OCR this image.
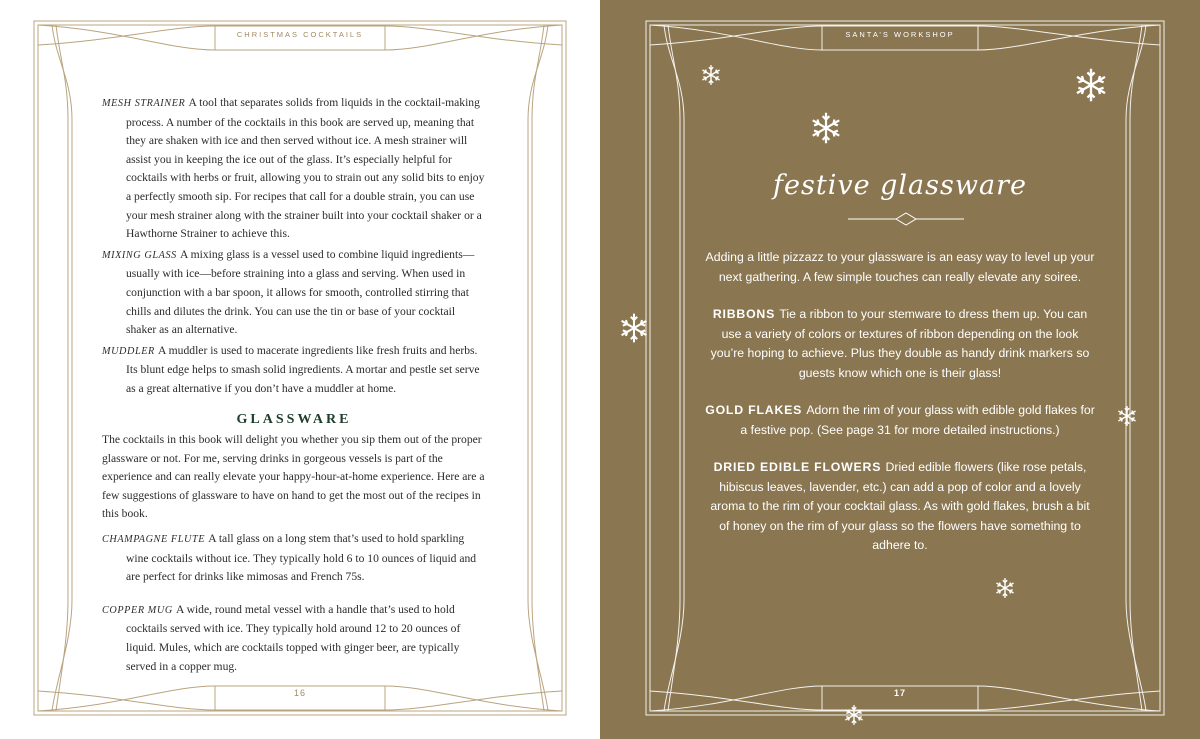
CHRISTMAS COCKTAILS
MESH STRAINER A tool that separates solids from liquids in the cocktail-making process. A number of the cocktails in this book are served up, meaning that they are shaken with ice and then served without ice. A mesh strainer will assist you in keeping the ice out of the glass. It’s especially helpful for cocktails with herbs or fruit, allowing you to strain out any solid bits to enjoy a perfectly smooth sip. For recipes that call for a double strain, you can use your mesh strainer along with the strainer built into your cocktail shaker or a Hawthorne Strainer to achieve this.
MIXING GLASS A mixing glass is a vessel used to combine liquid ingredients—usually with ice—before straining into a glass and serving. When used in conjunction with a bar spoon, it allows for smooth, controlled stirring that chills and dilutes the drink. You can use the tin or base of your cocktail shaker as an alternative.
MUDDLER A muddler is used to macerate ingredients like fresh fruits and herbs. Its blunt edge helps to smash solid ingredients. A mortar and pestle set serve as a great alternative if you don’t have a muddler at home.
GLASSWARE
The cocktails in this book will delight you whether you sip them out of the proper glassware or not. For me, serving drinks in gorgeous vessels is part of the experience and can really elevate your happy-hour-at-home experience. Here are a few suggestions of glassware to have on hand to get the most out of the recipes in this book.
CHAMPAGNE FLUTE A tall glass on a long stem that’s used to hold sparkling wine cocktails without ice. They typically hold 6 to 10 ounces of liquid and are perfect for drinks like mimosas and French 75s.
COPPER MUG A wide, round metal vessel with a handle that’s used to hold cocktails served with ice. They typically hold around 12 to 20 ounces of liquid. Mules, which are cocktails topped with ginger beer, are typically served in a copper mug.
16
SANTA’S WORKSHOP
festive glassware

Adding a little pizzazz to your glassware is an easy way to level up your next gathering. A few simple touches can really elevate any soiree.

RIBBONS Tie a ribbon to your stemware to dress them up. You can use a variety of colors or textures of ribbon depending on the look you’re hoping to achieve. Plus they double as handy drink markers so guests know which one is their glass!

GOLD FLAKES Adorn the rim of your glass with edible gold flakes for a festive pop. (See page 31 for more detailed instructions.)

DRIED EDIBLE FLOWERS Dried edible flowers (like rose petals, hibiscus leaves, lavender, etc.) can add a pop of color and a lovely aroma to the rim of your cocktail glass. As with gold flakes, brush a bit of honey on the rim of your glass so the flowers have something to adhere to.

17
